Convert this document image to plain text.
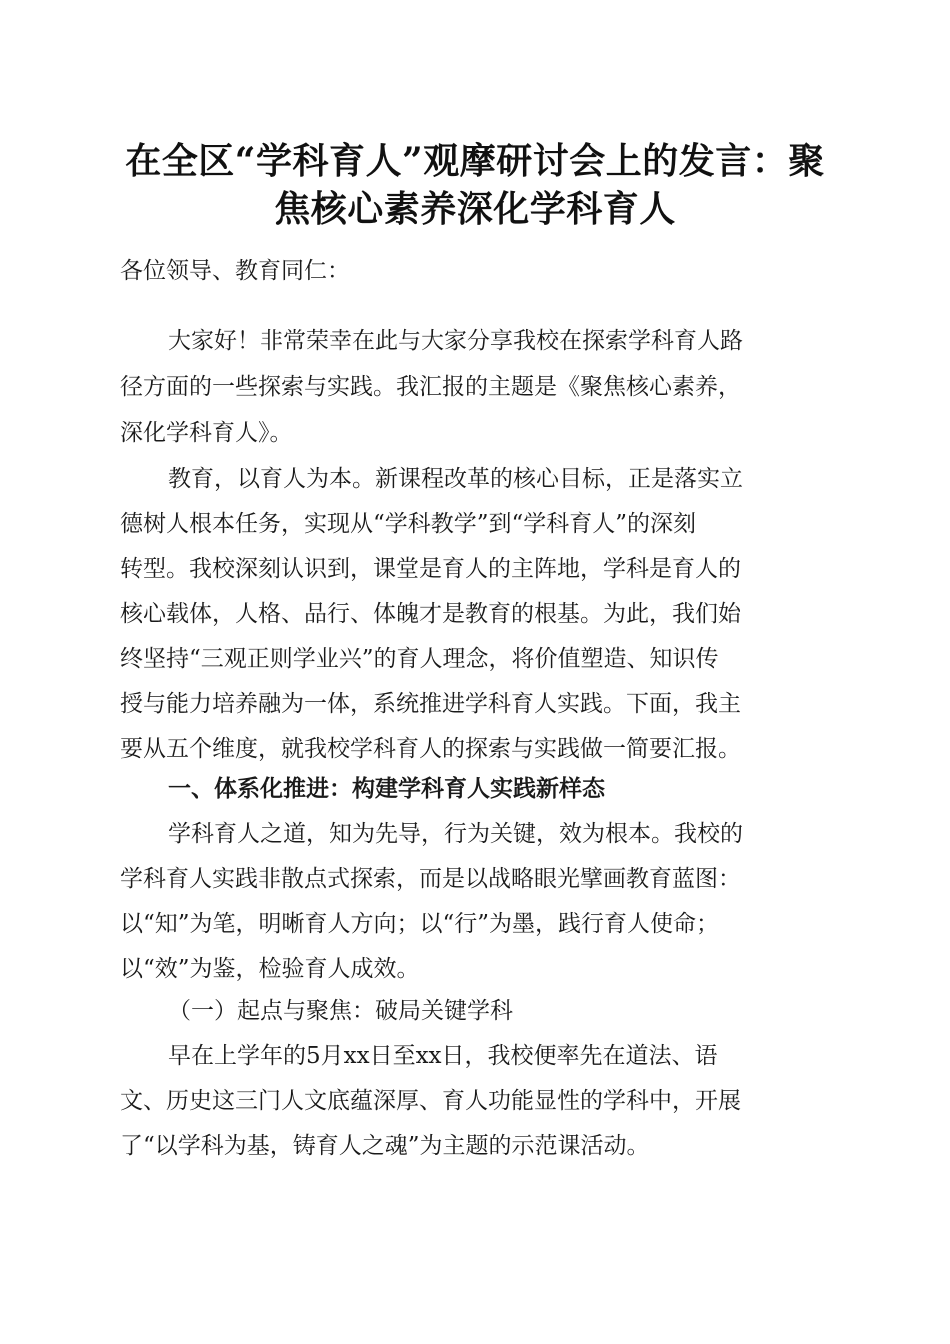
在全区“学科育人”观摩研讨会上的发言：聚
焦核心素养深化学科育人
各位领导、教育同仁：
大家好！非常荣幸在此与大家分享我校在探索学科育人路
径方面的一些探索与实践。我汇报的主题是《聚焦核心素养，
深化学科育人》。
教育，以育人为本。新课程改革的核心目标，正是落实立
德树人根本任务，实现从“学科教学”到“学科育人”的深刻
转型。我校深刻认识到，课堂是育人的主阵地，学科是育人的
核心载体，人格、品行、体魄才是教育的根基。为此，我们始
终坚持“三观正则学业兴”的育人理念，将价值塑造、知识传
授与能力培养融为一体，系统推进学科育人实践。下面，我主
要从五个维度，就我校学科育人的探索与实践做一简要汇报。
一、体系化推进：构建学科育人实践新样态
学科育人之道，知为先导，行为关键，效为根本。我校的
学科育人实践非散点式探索，而是以战略眼光擘画教育蓝图：
以“知”为笔，明晰育人方向；以“行”为墨，践行育人使命；
以“效”为鉴，检验育人成效。
（一）起点与聚焦：破局关键学科
早在上学年的5月xx日至xx日，我校便率先在道法、语
文、历史这三门人文底蕴深厚、育人功能显性的学科中，开展
了“以学科为基，铸育人之魂”为主题的示范课活动。
